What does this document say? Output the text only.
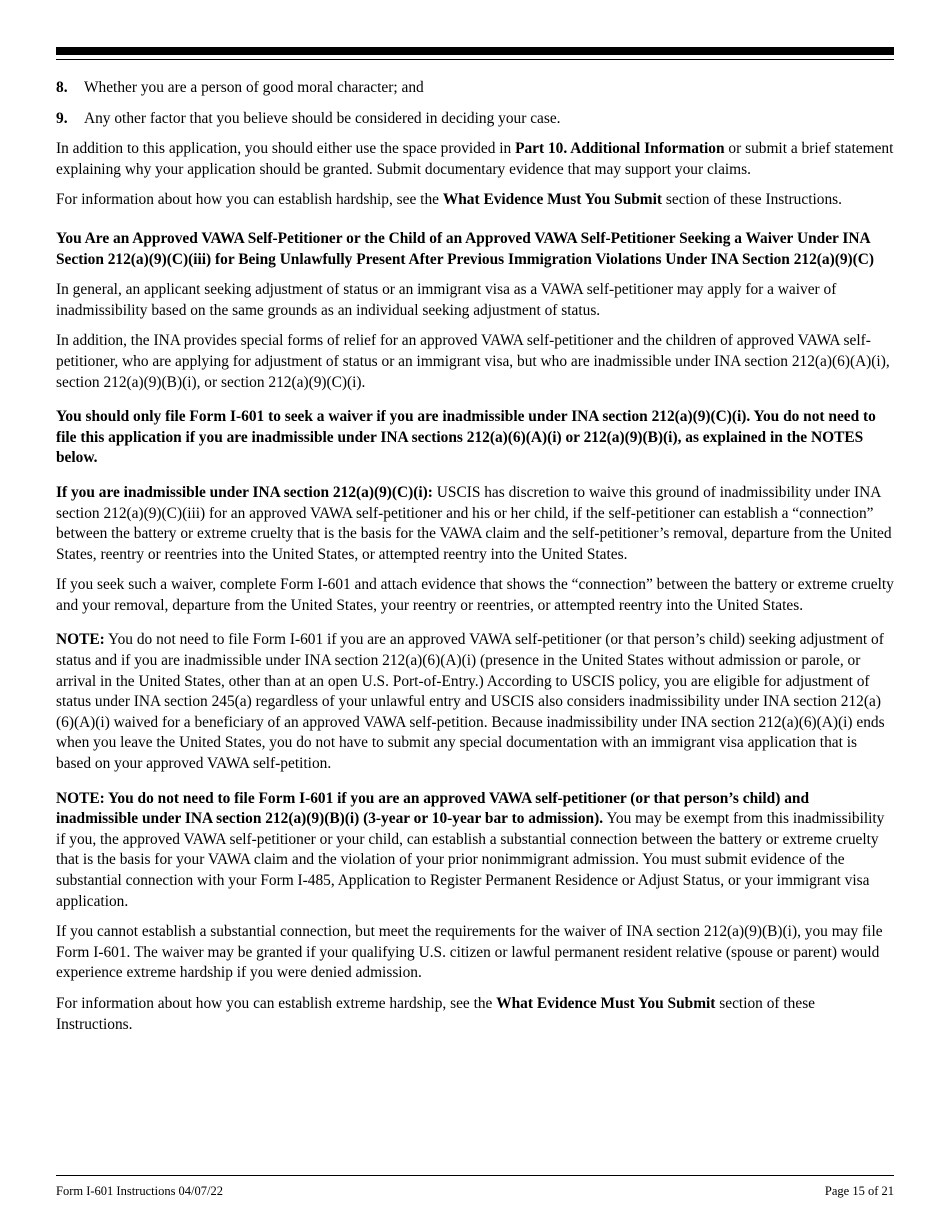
8.	Whether you are a person of good moral character; and
9.	Any other factor that you believe should be considered in deciding your case.

In addition to this application, you should either use the space provided in Part 10. Additional Information or submit a brief statement explaining why your application should be granted. Submit documentary evidence that may support your claims.

For information about how you can establish hardship, see the What Evidence Must You Submit section of these Instructions.

You Are an Approved VAWA Self-Petitioner or the Child of an Approved VAWA Self-Petitioner Seeking a Waiver Under INA Section 212(a)(9)(C)(iii) for Being Unlawfully Present After Previous Immigration Violations Under INA Section 212(a)(9)(C)

In general, an applicant seeking adjustment of status or an immigrant visa as a VAWA self-petitioner may apply for a waiver of inadmissibility based on the same grounds as an individual seeking adjustment of status.

In addition, the INA provides special forms of relief for an approved VAWA self-petitioner and the children of approved VAWA self-petitioner, who are applying for adjustment of status or an immigrant visa, but who are inadmissible under INA section 212(a)(6)(A)(i), section 212(a)(9)(B)(i), or section 212(a)(9)(C)(i).

You should only file Form I-601 to seek a waiver if you are inadmissible under INA section 212(a)(9)(C)(i). You do not need to file this application if you are inadmissible under INA sections 212(a)(6)(A)(i) or 212(a)(9)(B)(i), as explained in the NOTES below.

If you are inadmissible under INA section 212(a)(9)(C)(i): USCIS has discretion to waive this ground of inadmissibility under INA section 212(a)(9)(C)(iii) for an approved VAWA self-petitioner and his or her child, if the self-petitioner can establish a “connection” between the battery or extreme cruelty that is the basis for the VAWA claim and the self-petitioner’s removal, departure from the United States, reentry or reentries into the United States, or attempted reentry into the United States.

If you seek such a waiver, complete Form I-601 and attach evidence that shows the “connection” between the battery or extreme cruelty and your removal, departure from the United States, your reentry or reentries, or attempted reentry into the United States.

NOTE: You do not need to file Form I-601 if you are an approved VAWA self-petitioner (or that person’s child) seeking adjustment of status and if you are inadmissible under INA section 212(a)(6)(A)(i) (presence in the United States without admission or parole, or arrival in the United States, other than at an open U.S. Port-of-Entry.) According to USCIS policy, you are eligible for adjustment of status under INA section 245(a) regardless of your unlawful entry and USCIS also considers inadmissibility under INA section 212(a)(6)(A)(i) waived for a beneficiary of an approved VAWA self-petition. Because inadmissibility under INA section 212(a)(6)(A)(i) ends when you leave the United States, you do not have to submit any special documentation with an immigrant visa application that is based on your approved VAWA self-petition.

NOTE: You do not need to file Form I-601 if you are an approved VAWA self-petitioner (or that person’s child) and inadmissible under INA section 212(a)(9)(B)(i) (3-year or 10-year bar to admission). You may be exempt from this inadmissibility if you, the approved VAWA self-petitioner or your child, can establish a substantial connection between the battery or extreme cruelty that is the basis for your VAWA claim and the violation of your prior nonimmigrant admission. You must submit evidence of the substantial connection with your Form I-485, Application to Register Permanent Residence or Adjust Status, or your immigrant visa application.

If you cannot establish a substantial connection, but meet the requirements for the waiver of INA section 212(a)(9)(B)(i), you may file Form I-601. The waiver may be granted if your qualifying U.S. citizen or lawful permanent resident relative (spouse or parent) would experience extreme hardship if you were denied admission.

For information about how you can establish extreme hardship, see the What Evidence Must You Submit section of these Instructions.

Form I-601 Instructions 04/07/22	Page 15 of 21
